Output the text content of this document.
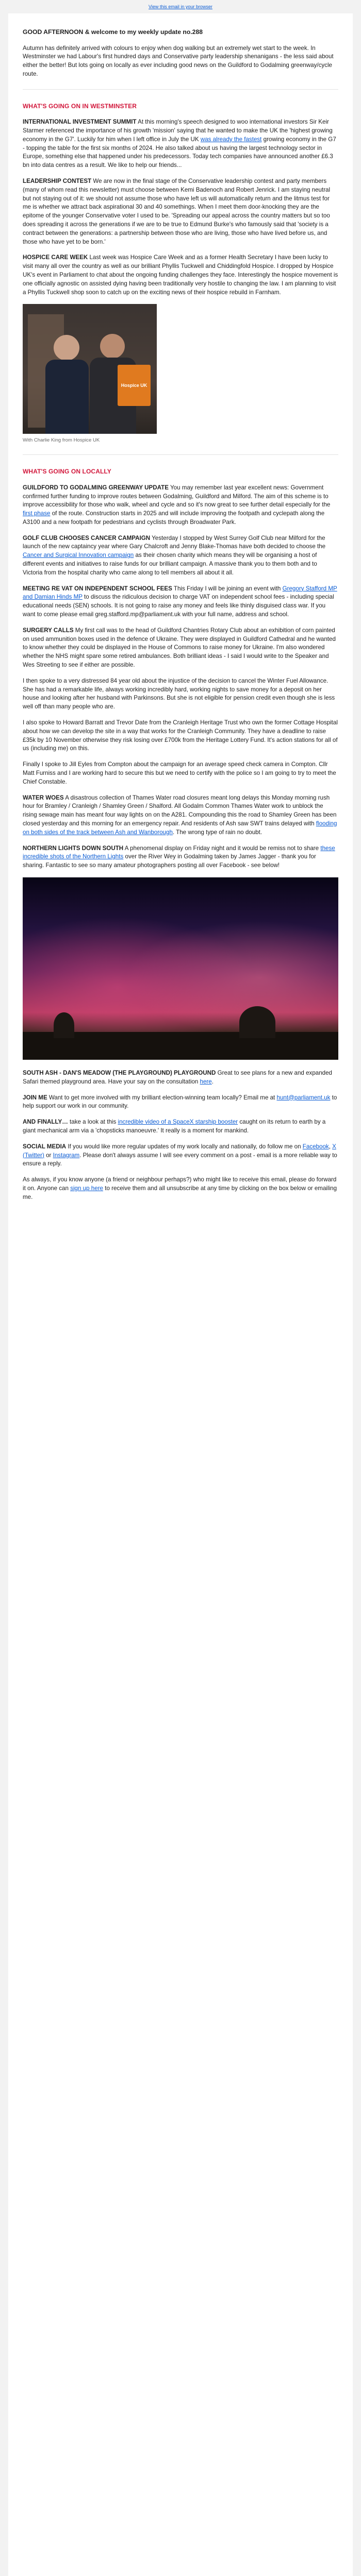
View this email in your browser

GOOD AFTERNOON & welcome to my weekly update no.288

Autumn has definitely arrived with colours to enjoy when dog walking but an extremely wet start to the week. In Westminster we had Labour's first hundred days and Conservative party leadership shenanigans - the less said about either the better! But lots going on locally as ever including good news on the Guildford to Godalming greenway/cycle route.

WHAT'S GOING ON IN WESTMINSTER

INTERNATIONAL INVESTMENT SUMMIT At this morning's speech designed to woo international investors Sir Keir Starmer referenced the importance of his growth 'mission' saying that he wanted to make the UK the 'highest growing economy in the G7'. Luckily for him when I left office in July the UK was already the fastest growing economy in the G7 - topping the table for the first six months of 2024. He also talked about us having the largest technology sector in Europe, something else that happened under his predecessors. Today tech companies have announced another £6.3 bn into data centres as a result. We like to help our friends...

LEADERSHIP CONTEST We are now in the final stage of the Conservative leadership contest and party members (many of whom read this newsletter) must choose between Kemi Badenoch and Robert Jenrick. I am staying neutral but not staying out of it: we should not assume those who have left us will automatically return and the litmus test for me is whether we attract back aspirational 30 and 40 somethings. When I meet them door-knocking they are the epitome of the younger Conservative voter I used to be. 'Spreading our appeal across the country matters but so too does spreading it across the generations if we are to be true to Edmund Burke's who famously said that 'society is a contract between the generations: a partnership between those who are living, those who have lived before us, and those who have yet to be born.'

HOSPICE CARE WEEK Last week was Hospice Care Week and as a former Health Secretary I have been lucky to visit many all over the country as well as our brilliant Phyllis Tuckwell and Chiddingfold Hospice. I dropped by Hospice UK's event in Parliament to chat about the ongoing funding challenges they face. Interestingly the hospice movement is one officially agnostic on assisted dying having been traditionally very hostile to changing the law. I am planning to visit a Phyllis Tuckwell shop soon to catch up on the exciting news of their hospice rebuild in Farnham.

Hospice UK
With Charlie King from Hospice UK
WHAT'S GOING ON LOCALLY

GUILDFORD TO GODALMING GREENWAY UPDATE You may remember last year excellent news: Government confirmed further funding to improve routes between Godalming, Guildford and Milford. The aim of this scheme is to improve accessibility for those who walk, wheel and cycle and so it's now great to see further detail especially for the first phase of the route. Construction starts in 2025 and will include improving the footpath and cyclepath along the A3100 and a new footpath for pedestrians and cyclists through Broadwater Park.

GOLF CLUB CHOOSES CANCER CAMPAIGN Yesterday I stopped by West Surrey Golf Club near Milford for the launch of the new captaincy year where Gary Chalcroft and Jenny Blake-Thomas have both decided to choose the Cancer and Surgical Innovation campaign as their chosen charity which means they will be organising a host of different events and initiatives to raise funds for our brilliant campaign. A massive thank you to them both and to Victoria from the hospital charity who came along to tell members all about it all.

MEETING RE VAT ON INDEPENDENT SCHOOL FEES This Friday I will be joining an event with Gregory Stafford MP and Damian Hinds MP to discuss the ridiculous decision to charge VAT on independent school fees - including special educational needs (SEN) schools. It is not going to raise any money and feels like thinly disguised class war. If you want to come please email greg.stafford.mp@parliament.uk with your full name, address and school.

SURGERY CALLS My first call was to the head of Guildford Chantries Rotary Club about an exhibition of corn painted on used ammunition boxes used in the defence of Ukraine. They were displayed in Guildford Cathedral and he wanted to know whether they could be displayed in the House of Commons to raise money for Ukraine. I'm also wondered whether the NHS might spare some retired ambulances. Both brilliant ideas - I said I would write to the Speaker and Wes Streeting to see if either are possible.

I then spoke to a very distressed 84 year old about the injustice of the decision to cancel the Winter Fuel Allowance. She has had a remarkable life, always working incredibly hard, working nights to save money for a deposit on her house and looking after her husband with Parkinsons. But she is not eligible for pension credit even though she is less well off than many people who are.

I also spoke to Howard Barratt and Trevor Date from the Cranleigh Heritage Trust who own the former Cottage Hospital about how we can develop the site in a way that works for the Cranleigh Community. They have a deadline to raise £35k by 10 November otherwise they risk losing over £700k from the Heritage Lottery Fund. It's action stations for all of us (including me) on this.

Finally I spoke to Jill Eyles from Compton about the campaign for an average speed check camera in Compton. Cllr Matt Furniss and I are working hard to secure this but we need to certify with the police so I am going to try to meet the Chief Constable.

WATER WOES A disastrous collection of Thames Water road closures meant long delays this Monday morning rush hour for Bramley / Cranleigh / Shamley Green / Shalford. All Godalm Common Thames Water work to unblock the rising sewage main has meant four way lights on on the A281. Compounding this the road to Shamley Green has been closed yesterday and this morning for an emergency repair. And residents of Ash saw SWT trains delayed with flooding on both sides of the track between Ash and Wanborough. The wrong type of rain no doubt.

NORTHERN LIGHTS DOWN SOUTH A phenomenal display on Friday night and it would be remiss not to share these incredible shots of the Northern Lights over the River Wey in Godalming taken by James Jagger - thank you for sharing. Fantastic to see so many amateur photographers posting all over Facebook - see below!

SOUTH ASH - DAN'S MEADOW (THE PLAYGROUND) PLAYGROUND Great to see plans for a new and expanded Safari themed playground area. Have your say on the consultation here.

JOIN ME Want to get more involved with my brilliant election-winning team locally? Email me at hunt@parliament.uk to help support our work in our community.

AND FINALLY… take a look at this incredible video of a SpaceX starship booster caught on its return to earth by a giant mechanical arm via a 'chopsticks manoeuvre.' It really is a moment for mankind.

SOCIAL MEDIA If you would like more regular updates of my work locally and nationally, do follow me on Facebook, X (Twitter) or Instagram. Please don't always assume I will see every comment on a post - email is a more reliable way to ensure a reply.

As always, if you know anyone (a friend or neighbour perhaps?) who might like to receive this email, please do forward it on. Anyone can sign up here to receive them and all unsubscribe at any time by clicking on the box below or emailing me.
